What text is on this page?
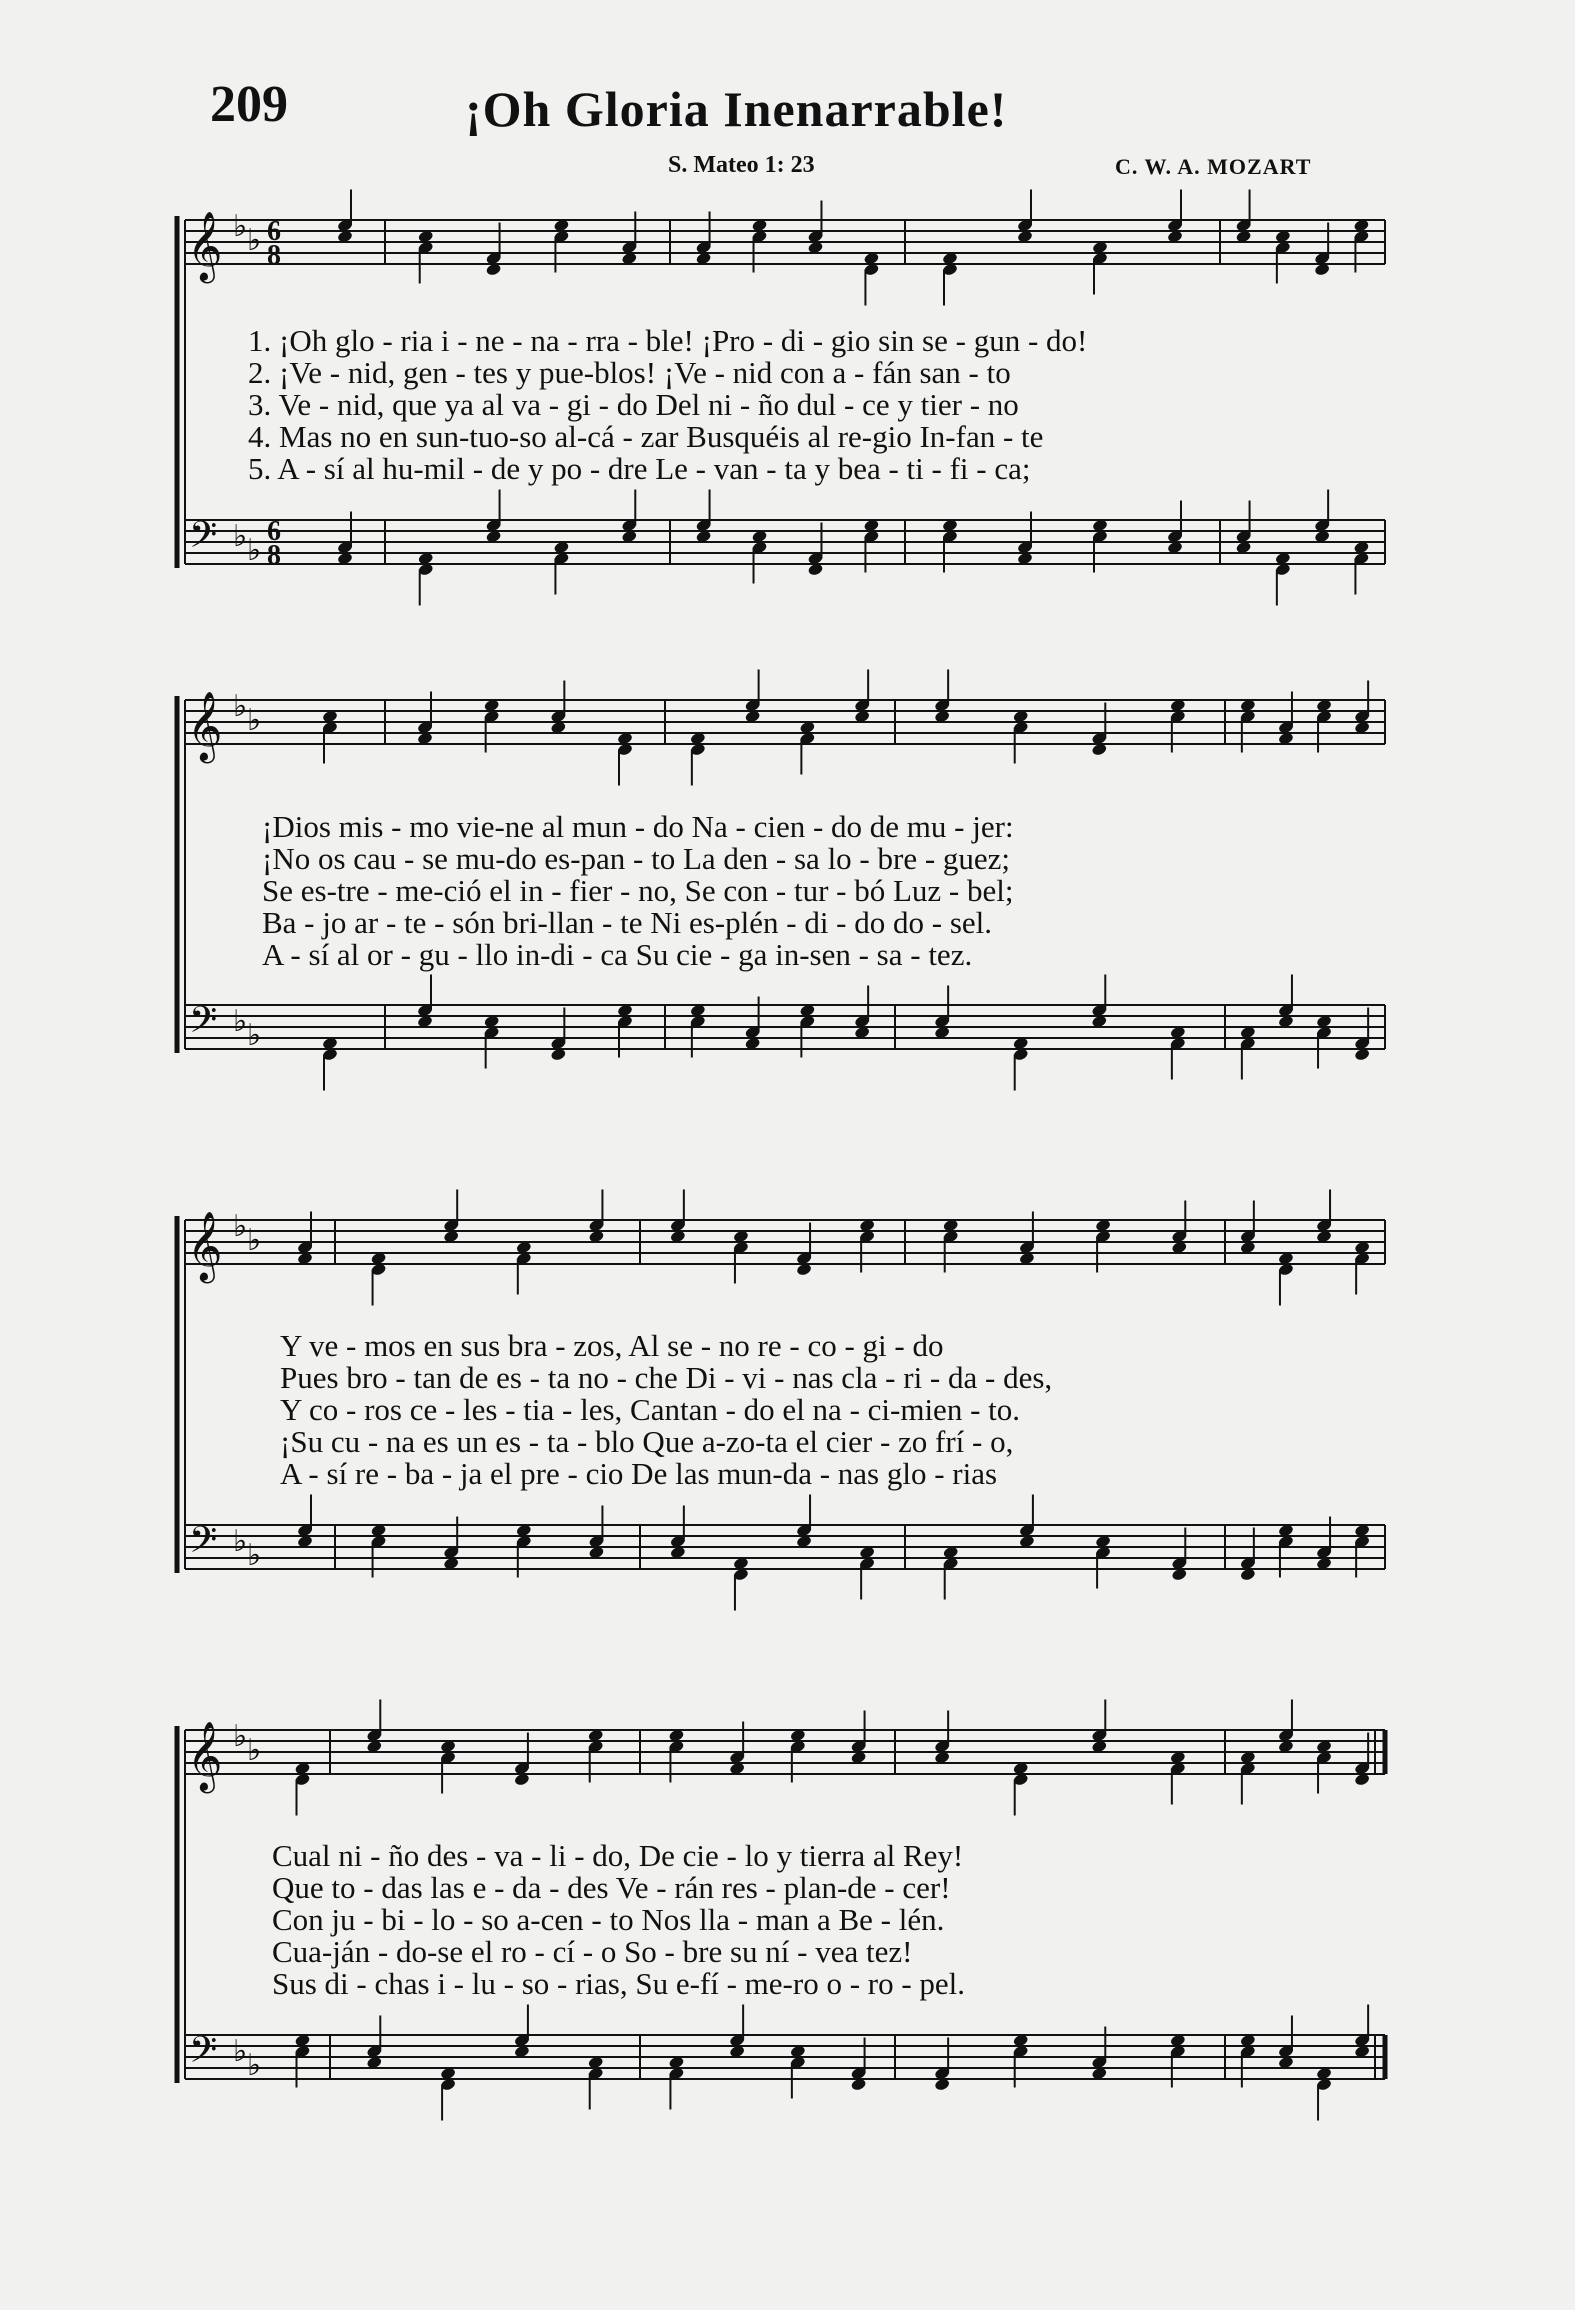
209	¡Oh Gloria Inenarrable!
S. Mateo 1: 23	C. W. A. MOZART
𝄞
𝄢
♭ ♭
♭ ♭
6
8
6
8
𝄞
𝄢
♭ ♭
♭ ♭
𝄞
𝄢
♭ ♭
♭ ♭
𝄞
𝄢
♭ ♭
♭ ♭

1. ¡Oh glo - ria i - ne - na - rra - ble! ¡Pro - di - gio sin se - gun - do!

2. ¡Ve - nid, gen - tes y pue-blos! ¡Ve - nid con a - fán san - to

3. Ve - nid, que ya al va - gi - do Del ni - ño dul - ce y tier - no

4. Mas no en sun-tuo-so al-cá - zar Busquéis al re-gio In-fan - te

5. A - sí al hu-mil - de y po - dre Le - van - ta y bea - ti - fi - ca;

¡Dios mis - mo vie-ne al mun - do Na - cien - do de mu - jer:

¡No os cau - se mu-do es-pan - to La den - sa lo - bre - guez;

Se es-tre - me-ció el in - fier - no, Se con - tur - bó Luz - bel;

Ba - jo ar - te - són bri-llan - te Ni es-plén - di - do do - sel.

A - sí al or - gu - llo in-di - ca Su cie - ga in-sen - sa - tez.

Y ve - mos en sus bra - zos, Al se - no re - co - gi - do

Pues bro - tan de es - ta no - che Di - vi - nas cla - ri - da - des,

Y co - ros ce - les - tia - les, Cantan - do el na - ci-mien - to.

¡Su cu - na es un es - ta - blo Que a-zo-ta el cier - zo frí - o,

A - sí re - ba - ja el pre - cio De las mun-da - nas glo - rias

Cual ni - ño des - va - li - do, De cie - lo y tierra al Rey!

Que to - das las e - da - des Ve - rán res - plan-de - cer!

Con ju - bi - lo - so a-cen - to Nos lla - man a Be - lén.

Cua-ján - do-se el ro - cí - o So - bre su ní - vea tez!

Sus di - chas i - lu - so - rias, Su e-fí - me-ro o - ro - pel.
